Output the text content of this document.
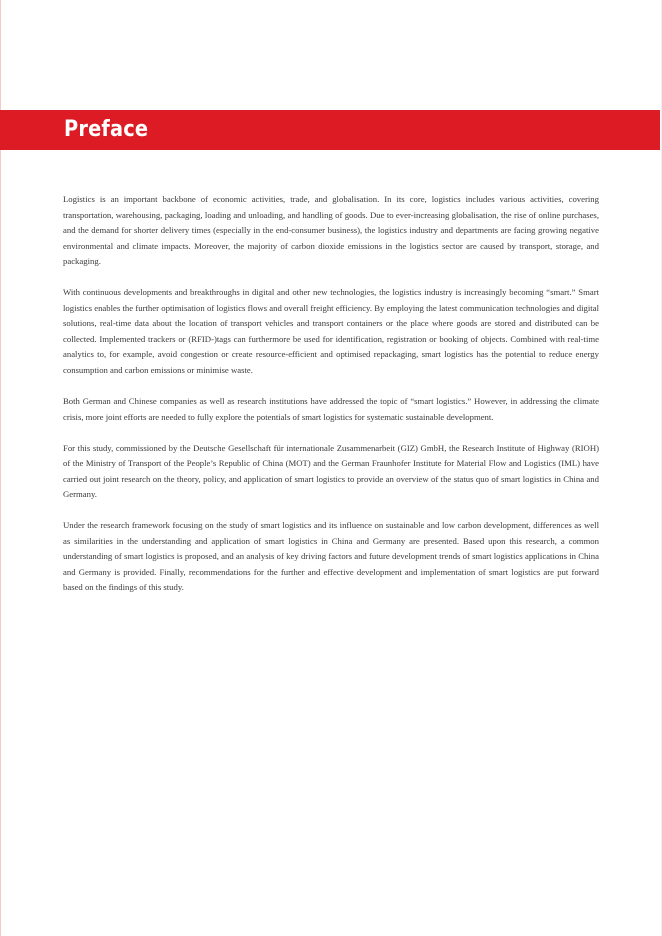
Preface

Logistics is an important backbone of economic activities, trade, and globalisation. In its core, logistics includes various activities, covering transportation, warehousing, packaging, loading and unloading, and handling of goods. Due to ever-increasing globalisation, the rise of online purchases, and the demand for shorter delivery times (especially in the end-consumer business), the logistics industry and departments are facing growing negative environmental and climate impacts. Moreover, the majority of carbon dioxide emissions in the logistics sector are caused by transport, storage, and packaging.

With continuous developments and breakthroughs in digital and other new technologies, the logistics industry is increasingly becoming “smart.” Smart logistics enables the further optimisation of logistics flows and overall freight efficiency. By employing the latest communication technologies and digital solutions, real-time data about the location of transport vehicles and transport containers or the place where goods are stored and distributed can be collected. Implemented trackers or (RFID-)tags can furthermore be used for identification, registration or booking of objects. Combined with real-time analytics to, for example, avoid congestion or create resource-efficient and optimised repackaging, smart logistics has the potential to reduce energy consumption and carbon emissions or minimise waste.

Both German and Chinese companies as well as research institutions have addressed the topic of “smart logistics.” However, in addressing the climate crisis, more joint efforts are needed to fully explore the potentials of smart logistics for systematic sustainable development.

For this study, commissioned by the Deutsche Gesellschaft für internationale Zusammenarbeit (GIZ) GmbH, the Research Institute of Highway (RIOH) of the Ministry of Transport of the People’s Republic of China (MOT) and the German Fraunhofer Institute for Material Flow and Logistics (IML) have carried out joint research on the theory, policy, and application of smart logistics to provide an overview of the status quo of smart logistics in China and Germany.

Under the research framework focusing on the study of smart logistics and its influence on sustainable and low carbon development, differences as well as similarities in the understanding and application of smart logistics in China and Germany are presented. Based upon this research, a common understanding of smart logistics is proposed, and an analysis of key driving factors and future development trends of smart logistics applications in China and Germany is provided. Finally, recommendations for the further and effective development and implementation of smart logistics are put forward based on the findings of this study.
